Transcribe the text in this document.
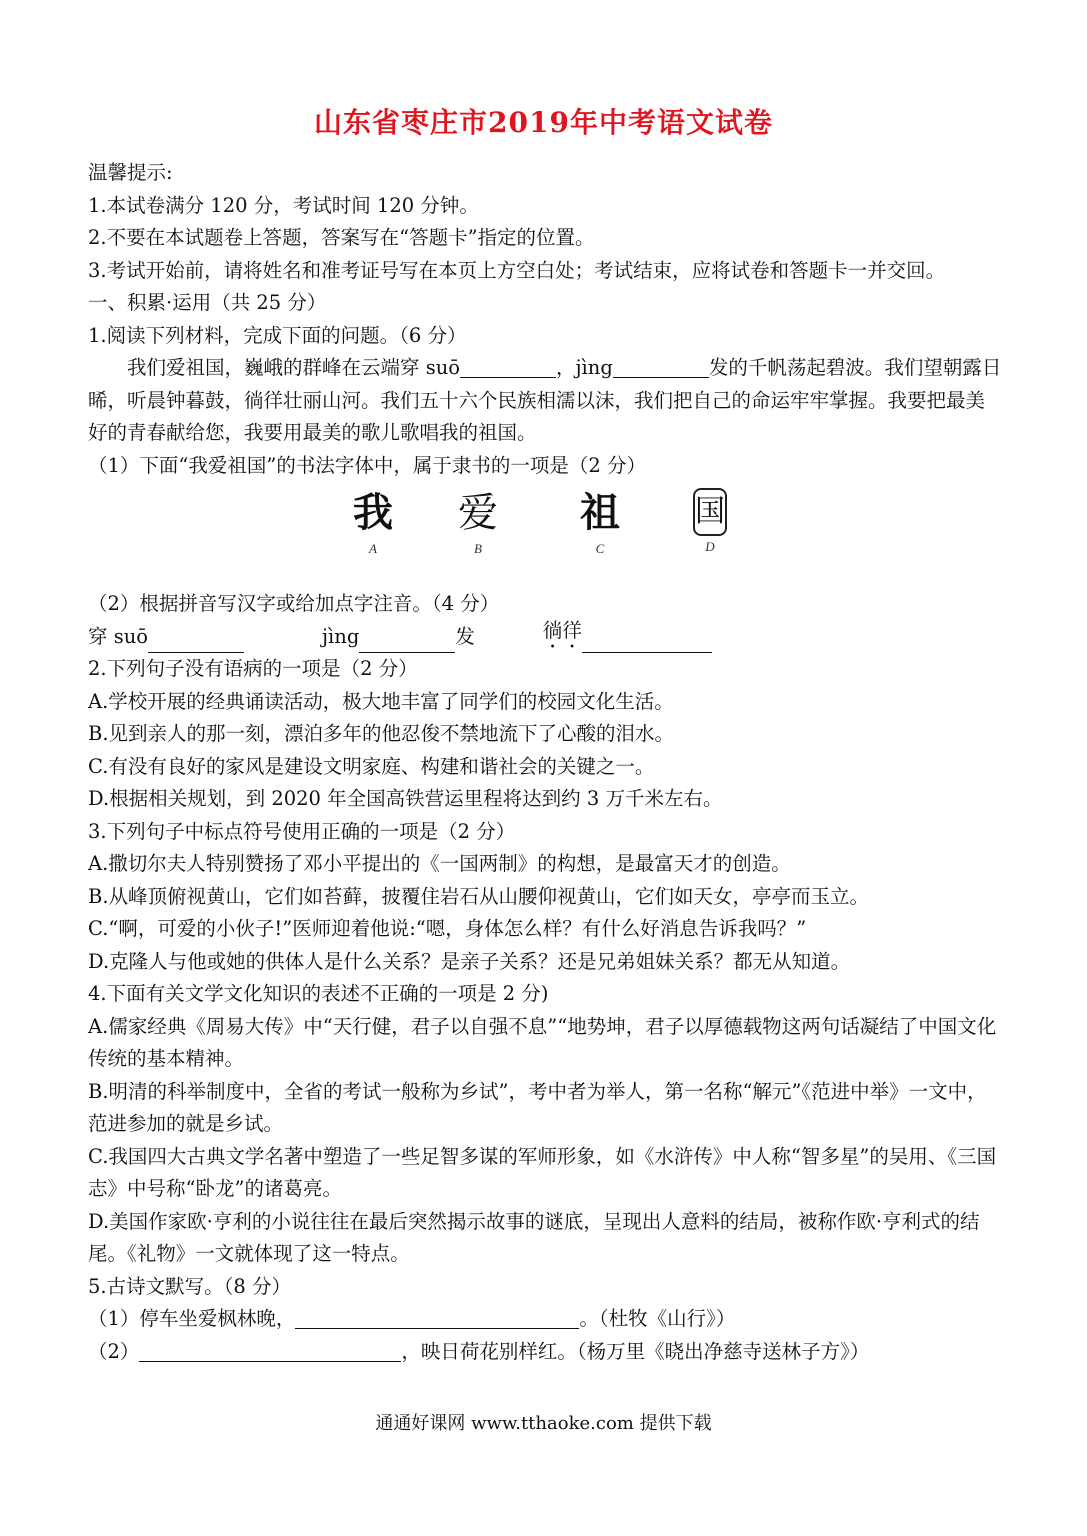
山东省枣庄市2019年中考语文试卷
温馨提示:
1.本试卷满分 120 分，考试时间 120 分钟。
2.不要在本试题卷上答题，答案写在“答题卡”指定的位置。
3.考试开始前，请将姓名和准考证号写在本页上方空白处；考试结束，应将试卷和答题卡一并交回。
一、积累·运用（共 25 分）
1.阅读下列材料，完成下面的问题。（6 分）
我们爱祖国，巍峨的群峰在云端穿 suō	，jìng	发的千帆荡起碧波。我们望朝露日晞，听晨钟暮鼓，徜徉壮丽山河。我们五十六个民族相濡以沫，我们把自己的命运牢牢掌握。我要把最美好的青春献给您，我要用最美的歌儿歌唱我的祖国。
（1）下面“我爱祖国”的书法字体中，属于隶书的一项是（2 分）
我
A
爱
B
祖
C
国
D
（2）根据拼音写汉字或给加点字注音。（4 分）
穿 suō	jìng	发	徜徉
2.下列句子没有语病的一项是（2 分）
A.学校开展的经典诵读活动，极大地丰富了同学们的校园文化生活。
B.见到亲人的那一刻，漂泊多年的他忍俊不禁地流下了心酸的泪水。
C.有没有良好的家风是建设文明家庭、构建和谐社会的关键之一。
D.根据相关规划，到 2020 年全国高铁营运里程将达到约 3 万千米左右。
3.下列句子中标点符号使用正确的一项是（2 分）
A.撒切尔夫人特别赞扬了邓小平提出的《一国两制》的构想，是最富天才的创造。
B.从峰顶俯视黄山，它们如苔藓，披覆住岩石从山腰仰视黄山，它们如天女，亭亭而玉立。
C.“啊，可爱的小伙子!”医师迎着他说:“嗯，身体怎么样？有什么好消息告诉我吗？”
D.克隆人与他或她的供体人是什么关系？是亲子关系？还是兄弟姐妹关系？都无从知道。
4.下面有关文学文化知识的表述不正确的一项是 2 分)
A.儒家经典《周易大传》中“天行健，君子以自强不息”“地势坤，君子以厚德载物这两句话凝结了中国文化传统的基本精神。
B.明清的科举制度中，全省的考试一般称为乡试”，考中者为举人，第一名称“解元”《范进中举》一文中，范进参加的就是乡试。
C.我国四大古典文学名著中塑造了一些足智多谋的军师形象，如《水浒传》中人称“智多星”的吴用、《三国志》中号称“卧龙”的诸葛亮。
D.美国作家欧·亨利的小说往往在最后突然揭示故事的谜底，呈现出人意料的结局，被称作欧·亨利式的结尾。《礼物》一文就体现了这一特点。
5.古诗文默写。（8 分）
（1）停车坐爱枫林晚，	。（杜牧《山行》）
（2）	，映日荷花别样红。（杨万里《晓出净慈寺送林子方》）
通通好课网 www.tthaoke.com 提供下载
